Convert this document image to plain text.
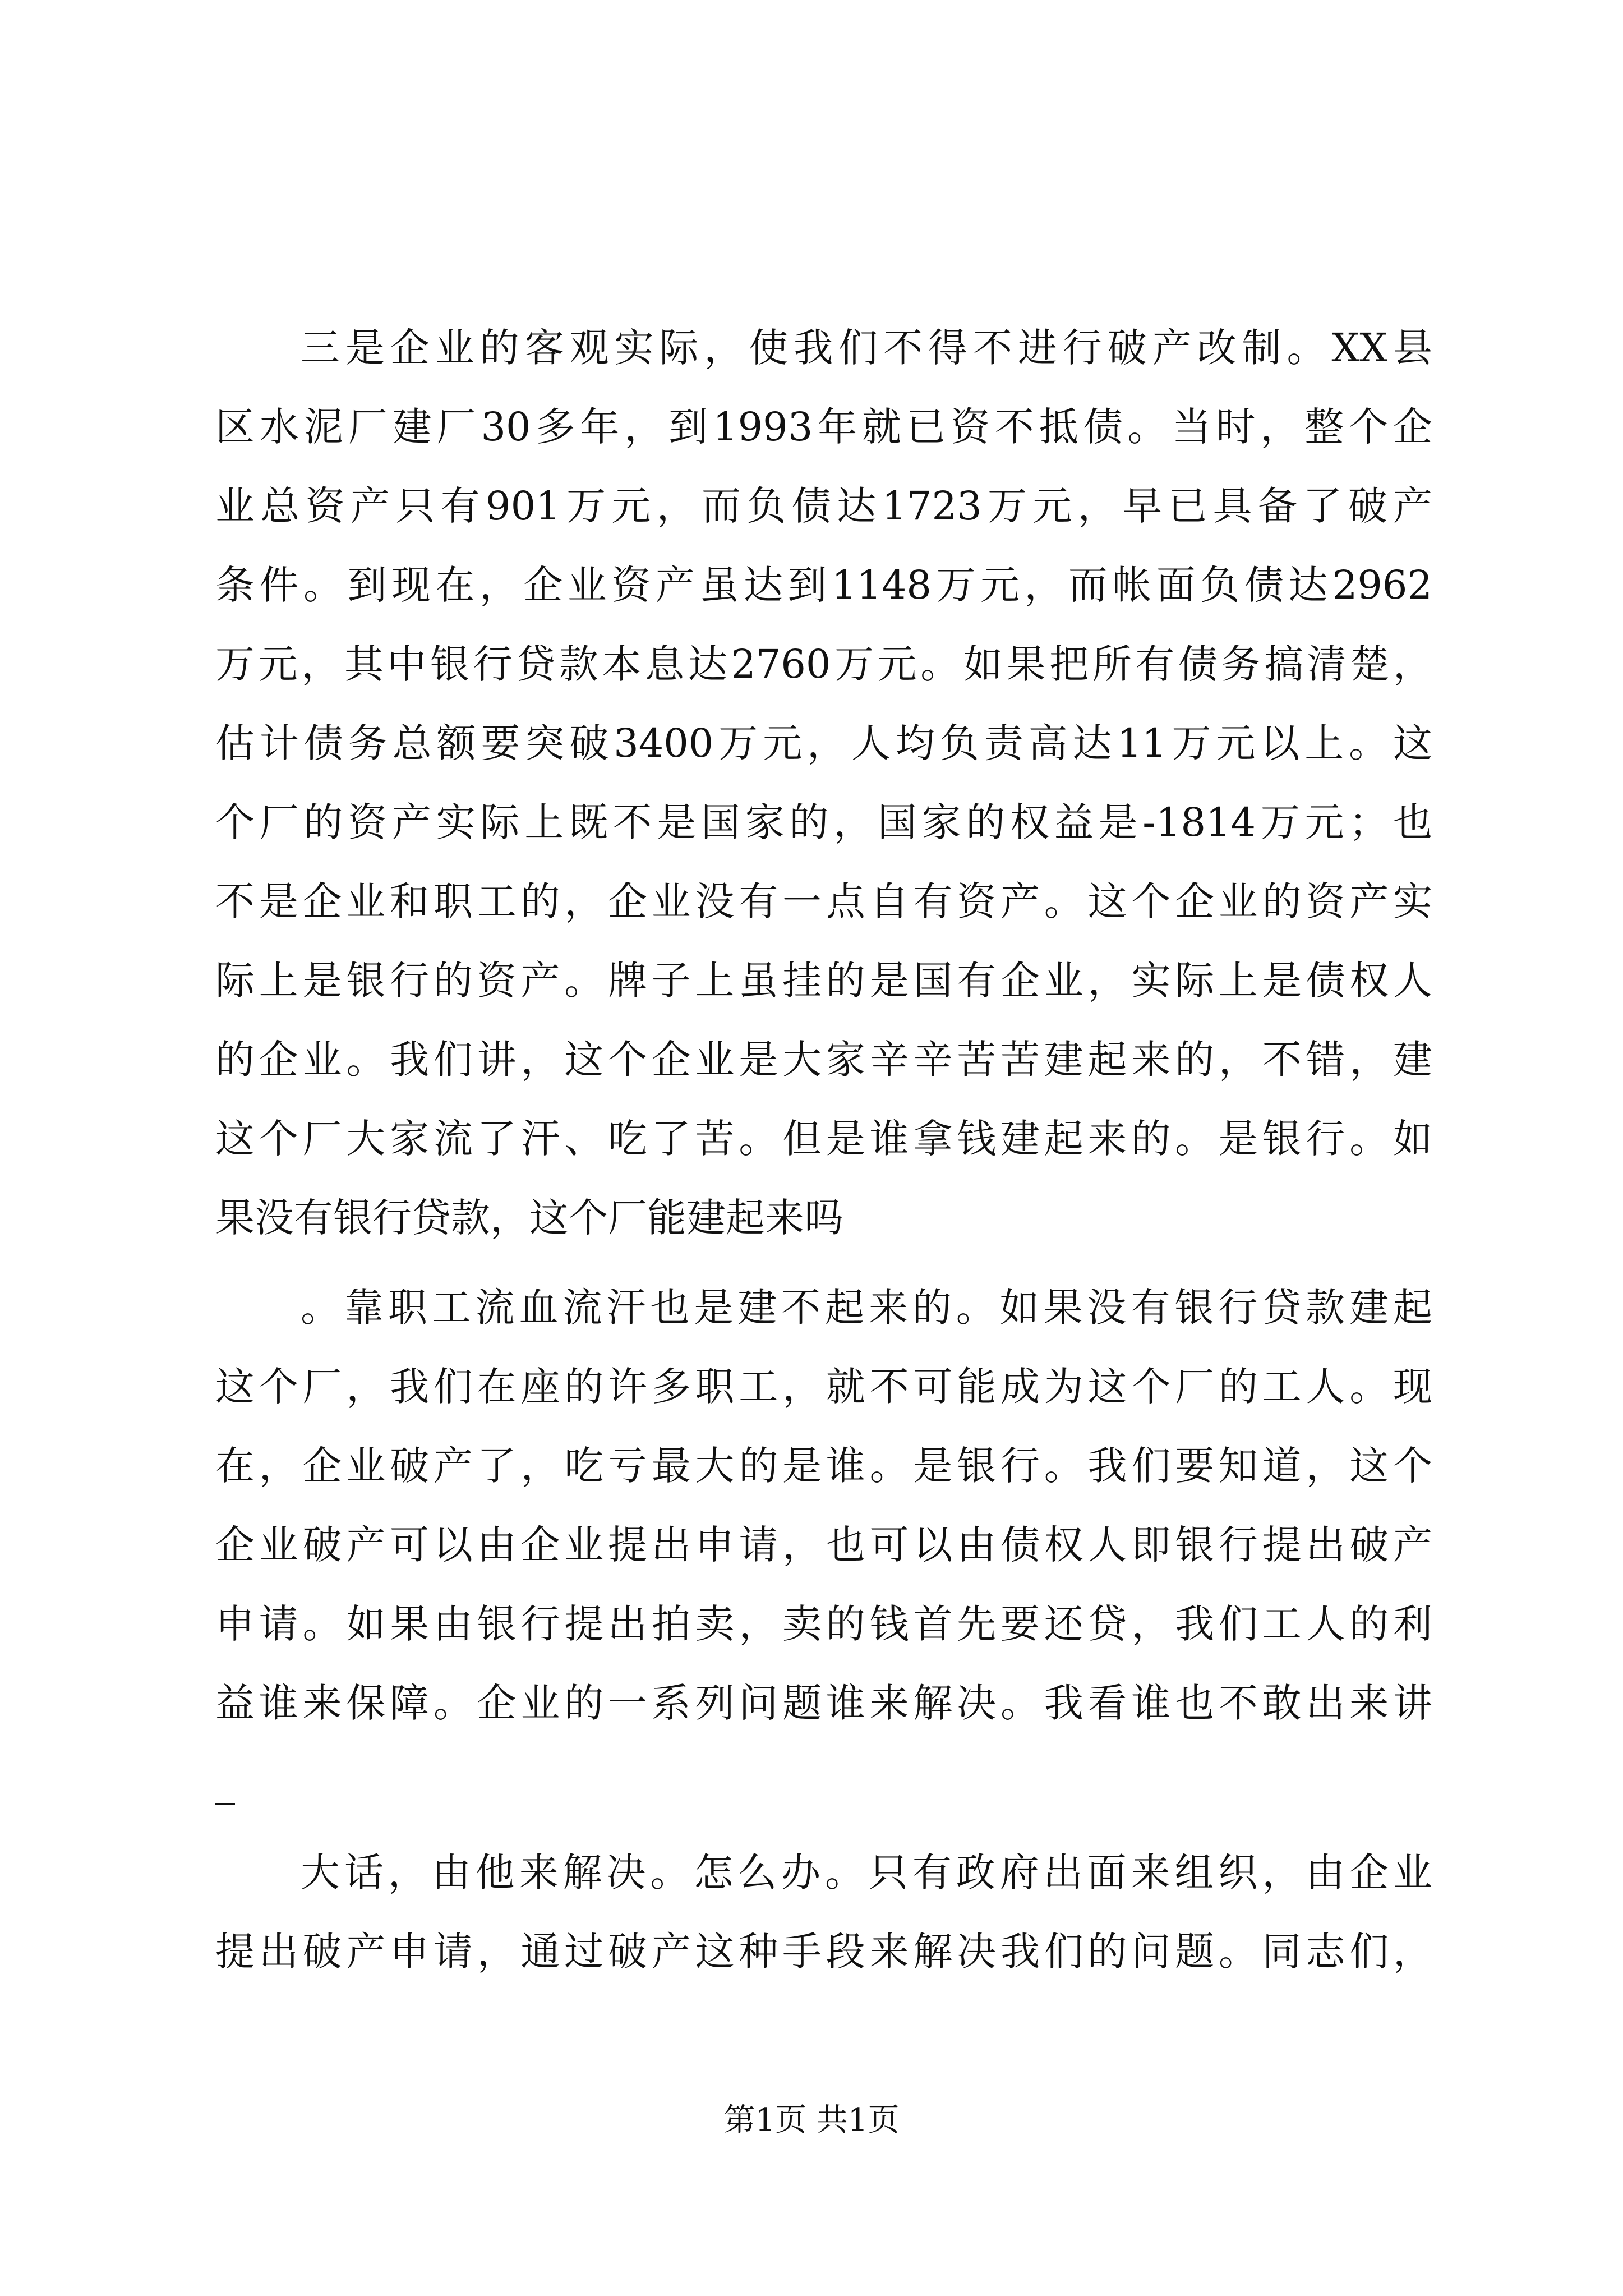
三是企业的客观实际，使我们不得不进行破产改制。XX县
区水泥厂建厂30多年，到1993年就已资不抵债。当时，整个企
业总资产只有901万元，而负债达1723万元，早已具备了破产
条件。到现在，企业资产虽达到1148万元，而帐面负债达2962
万元，其中银行贷款本息达2760万元。如果把所有债务搞清楚，
估计债务总额要突破3400万元，人均负责高达11万元以上。这
个厂的资产实际上既不是国家的，国家的权益是-1814万元；也
不是企业和职工的，企业没有一点自有资产。这个企业的资产实
际上是银行的资产。牌子上虽挂的是国有企业，实际上是债权人
的企业。我们讲，这个企业是大家辛辛苦苦建起来的，不错，建
这个厂大家流了汗、吃了苦。但是谁拿钱建起来的。是银行。如
果没有银行贷款，这个厂能建起来吗
。靠职工流血流汗也是建不起来的。如果没有银行贷款建起
这个厂，我们在座的许多职工，就不可能成为这个厂的工人。现
在，企业破产了，吃亏最大的是谁。是银行。我们要知道，这个
企业破产可以由企业提出申请，也可以由债权人即银行提出破产
申请。如果由银行提出拍卖，卖的钱首先要还贷，我们工人的利
益谁来保障。企业的一系列问题谁来解决。我看谁也不敢出来讲
_
大话，由他来解决。怎么办。只有政府出面来组织，由企业
提出破产申请，通过破产这种手段来解决我们的问题。同志们，
第1页 共1页
